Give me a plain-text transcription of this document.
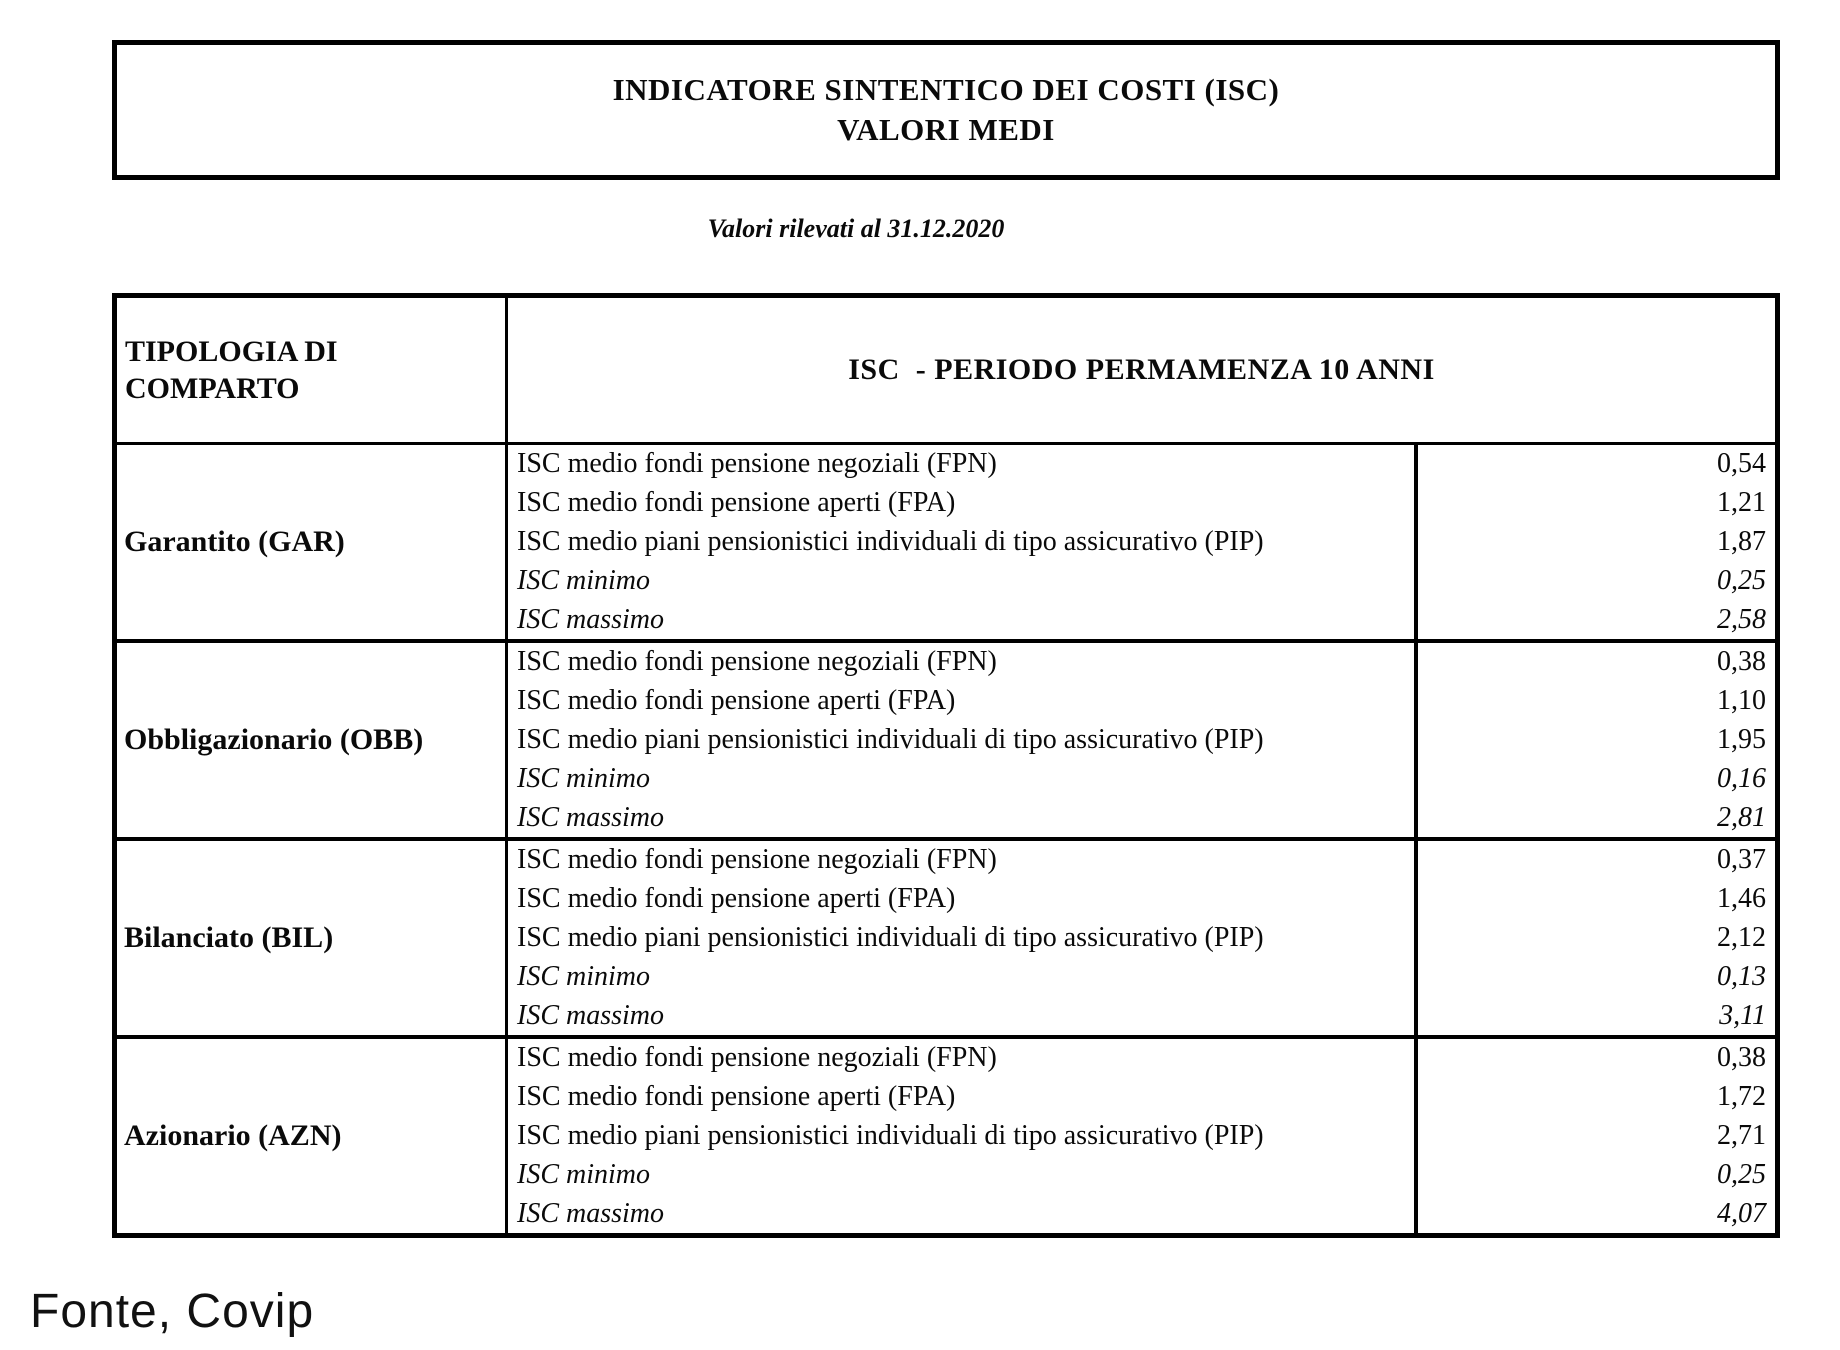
INDICATORE SINTENTICO DEI COSTI (ISC)
VALORI MEDI
Valori rilevati al 31.12.2020
TIPOLOGIA DI COMPARTO
ISC  - PERIODO PERMAMENZA 10 ANNI
Garantito (GAR)
ISC medio fondi pensione negoziali (FPN)
ISC medio fondi pensione aperti (FPA)
ISC medio piani pensionistici individuali di tipo assicurativo (PIP)
ISC minimo
ISC massimo
0,54
1,21
1,87
0,25
2,58
Obbligazionario (OBB)
ISC medio fondi pensione negoziali (FPN)
ISC medio fondi pensione aperti (FPA)
ISC medio piani pensionistici individuali di tipo assicurativo (PIP)
ISC minimo
ISC massimo
0,38
1,10
1,95
0,16
2,81
Bilanciato (BIL)
ISC medio fondi pensione negoziali (FPN)
ISC medio fondi pensione aperti (FPA)
ISC medio piani pensionistici individuali di tipo assicurativo (PIP)
ISC minimo
ISC massimo
0,37
1,46
2,12
0,13
3,11
Azionario (AZN)
ISC medio fondi pensione negoziali (FPN)
ISC medio fondi pensione aperti (FPA)
ISC medio piani pensionistici individuali di tipo assicurativo (PIP)
ISC minimo
ISC massimo
0,38
1,72
2,71
0,25
4,07
Fonte, Covip
